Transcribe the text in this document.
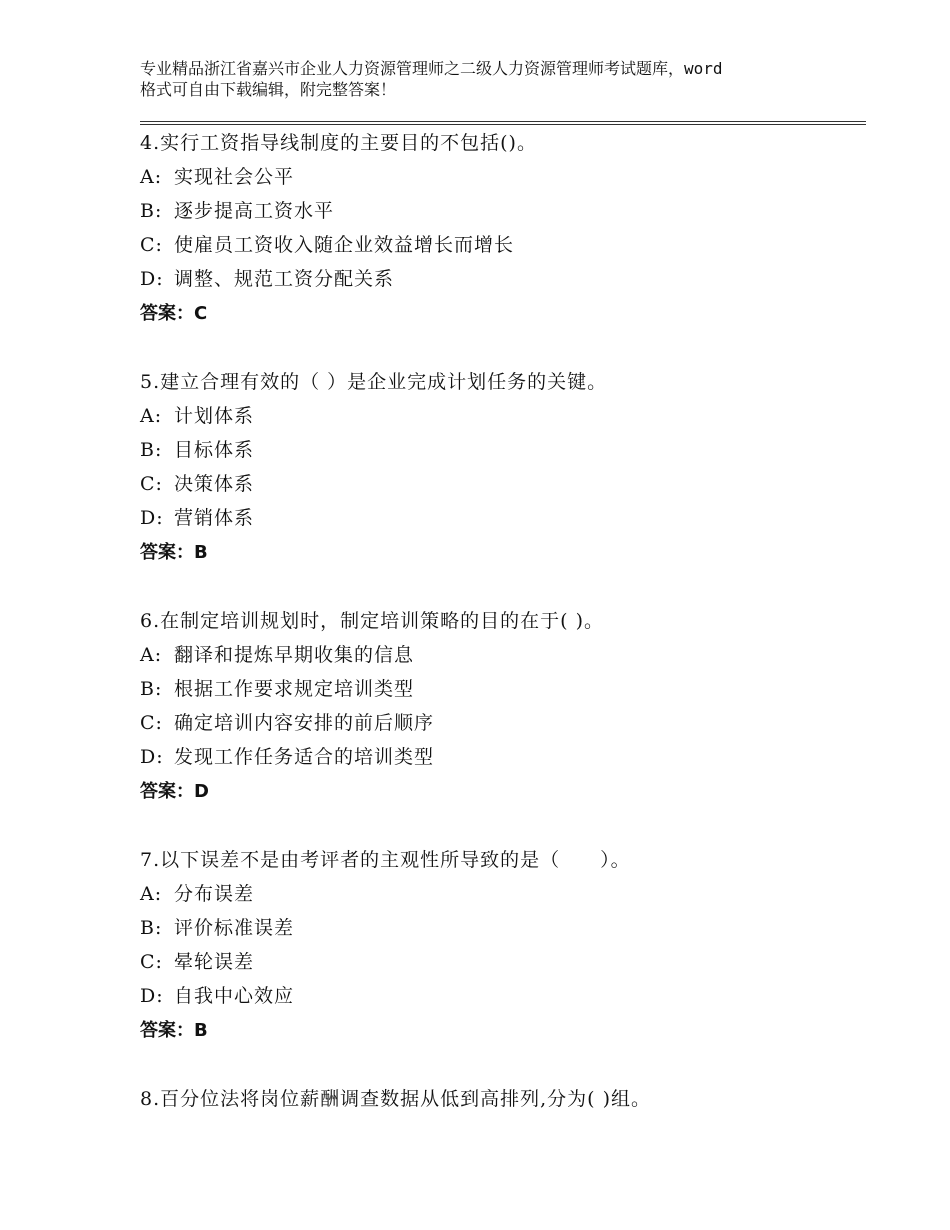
专业精品浙江省嘉兴市企业人力资源管理师之二级人力资源管理师考试题库，word
格式可自由下载编辑，附完整答案！
4.实行工资指导线制度的主要目的不包括()。
A: 实现社会公平
B: 逐步提高工资水平
C: 使雇员工资收入随企业效益增长而增长
D: 调整、规范工资分配关系
答案：C
5.建立合理有效的（ ）是企业完成计划任务的关键。
A: 计划体系
B: 目标体系
C: 决策体系
D: 营销体系
答案：B
6.在制定培训规划时，制定培训策略的目的在于( )。
A: 翻译和提炼早期收集的信息
B: 根据工作要求规定培训类型
C: 确定培训内容安排的前后顺序
D: 发现工作任务适合的培训类型
答案：D
7.以下误差不是由考评者的主观性所导致的是（　　）。
A: 分布误差
B: 评价标准误差
C: 晕轮误差
D: 自我中心效应
答案：B
8.百分位法将岗位薪酬调查数据从低到高排列,分为( )组。
